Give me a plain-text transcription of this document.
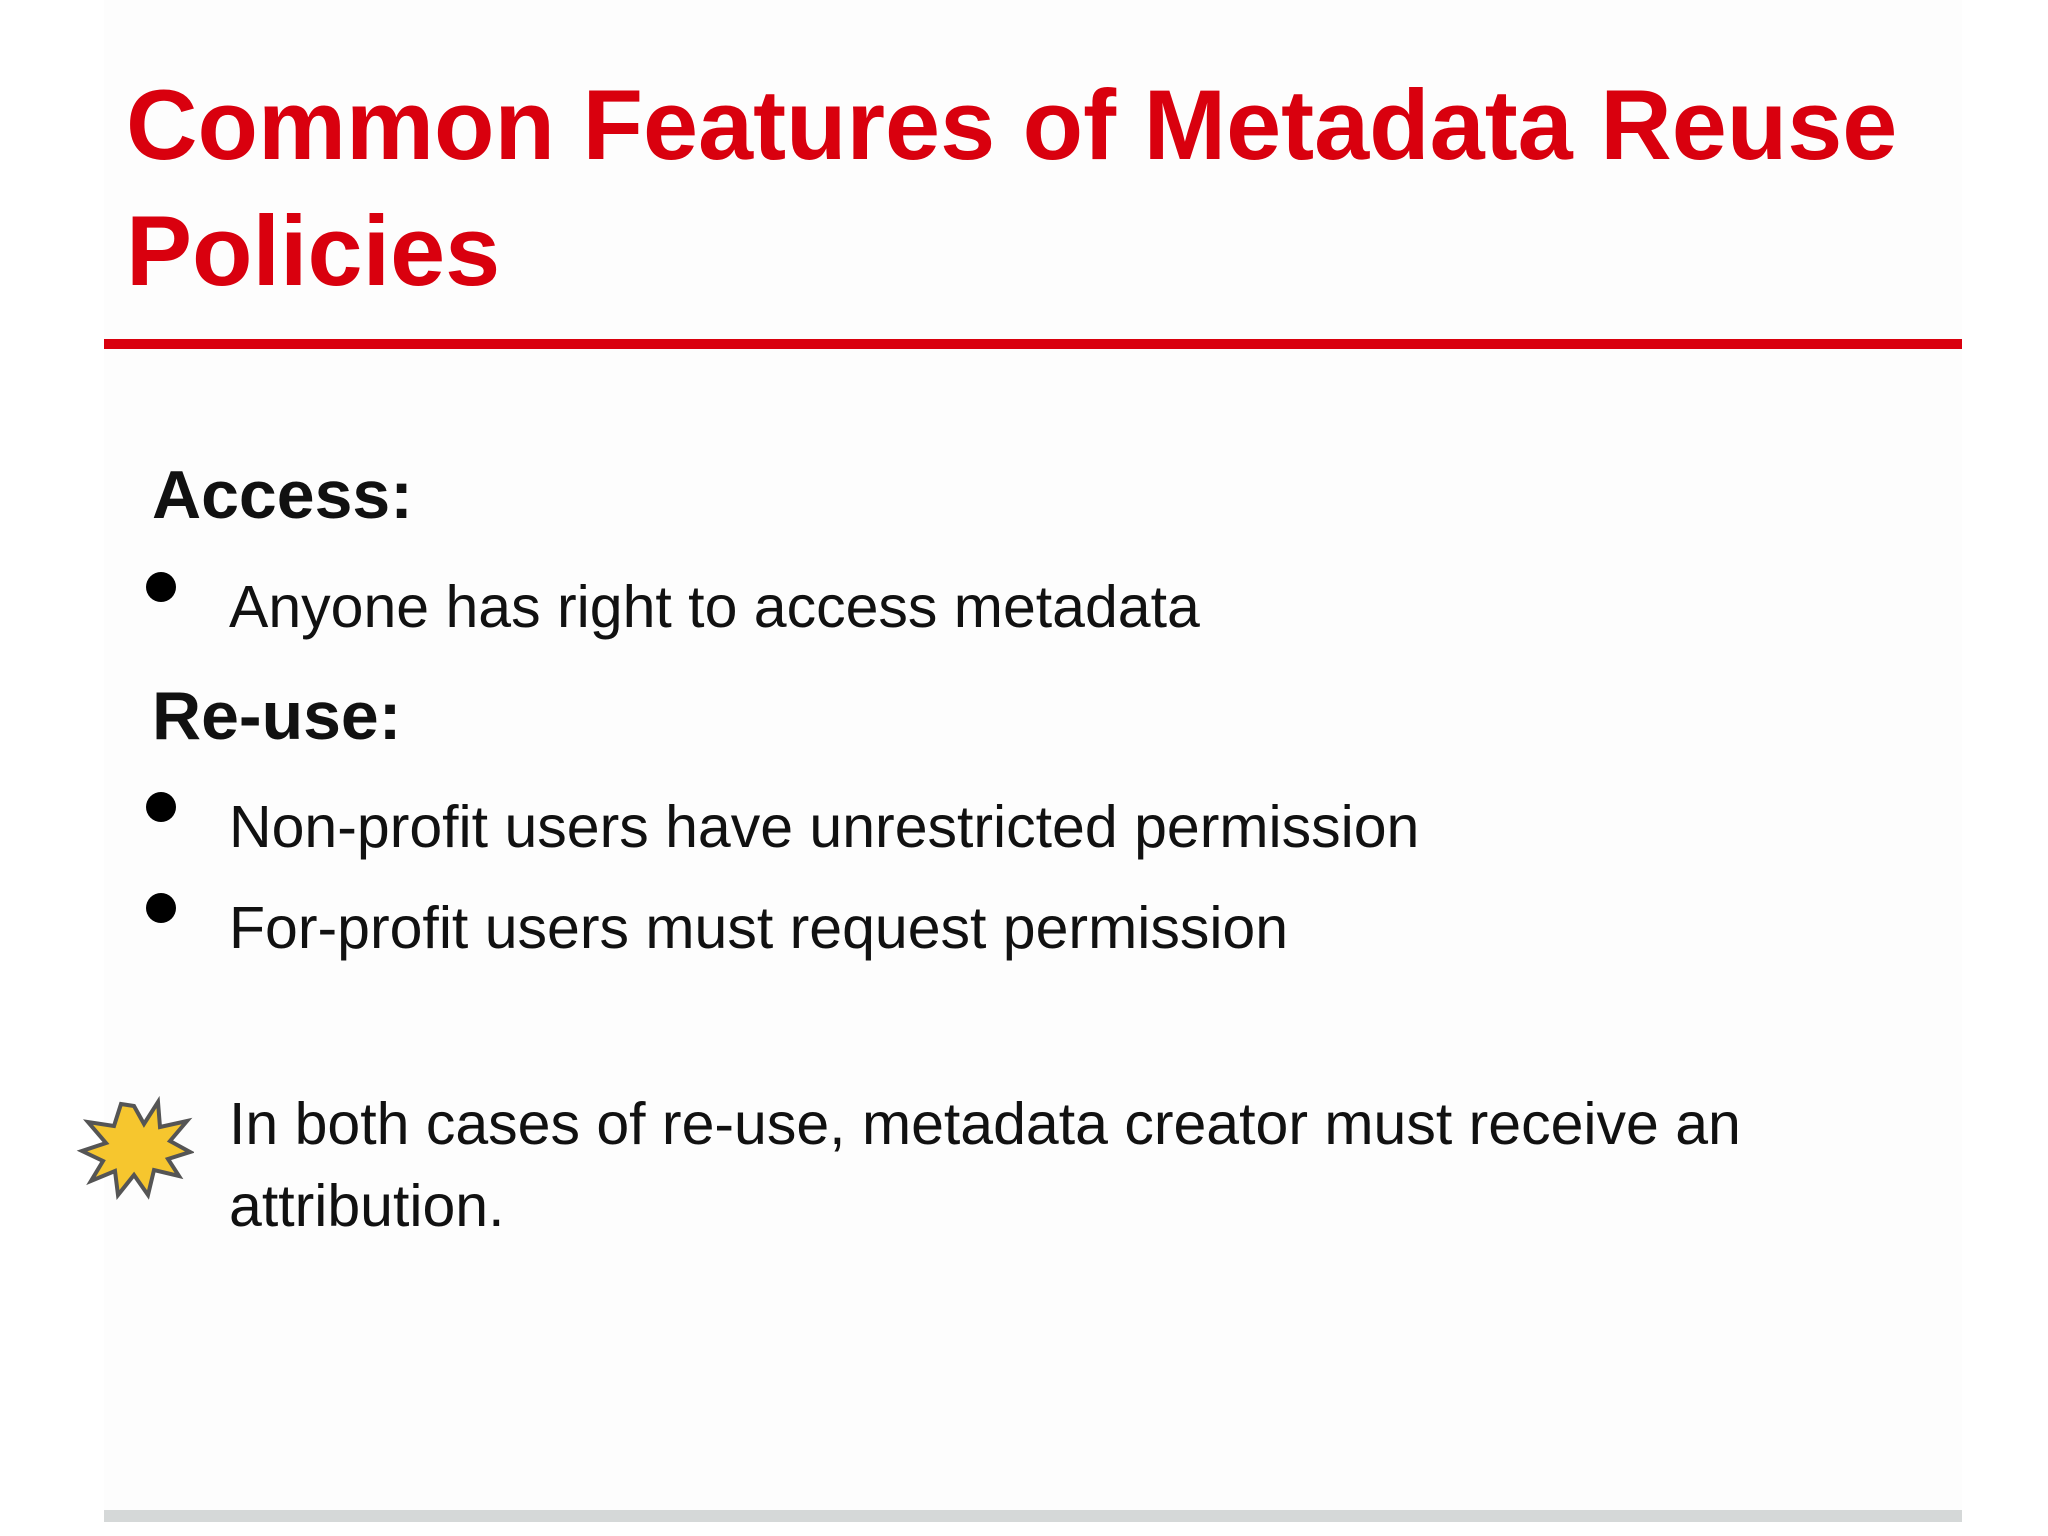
Common Features of Metadata Reuse Policies
Access:

Anyone has right to access metadata

Re-use:

Non-profit users have unrestricted permission

For-profit users must request permission

In both cases of re-use, metadata creator must receive an attribution.
